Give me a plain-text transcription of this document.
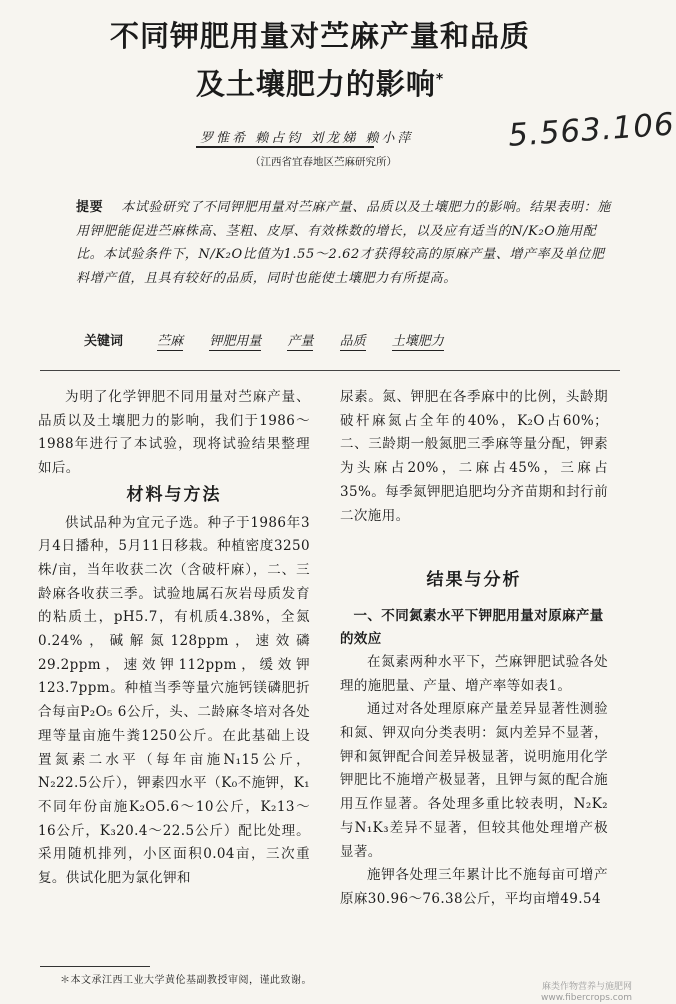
不同钾肥用量对苎麻产量和品质
及土壤肥力的影响*
罗惟希 赖占钧 刘龙娣 赖小萍
（江西省宜春地区苎麻研究所）
5.563.106
提要 本试验研究了不同钾肥用量对苎麻产量、品质以及土壤肥力的影响。结果表明：施用钾肥能促进苎麻株高、茎粗、皮厚、有效株数的增长，以及应有适当的N/K₂O施用配比。本试验条件下，N/K₂O比值为1.55～2.62才获得较高的原麻产量、增产率及单位肥料增产值，且具有较好的品质，同时也能使土壤肥力有所提高。
关键词	苎麻 钾肥用量 产量 品质 土壤肥力

为明了化学钾肥不同用量对苎麻产量、品质以及土壤肥力的影响，我们于1986～1988年进行了本试验，现将试验结果整理如后。

材料与方法

供试品种为宜元子选。种子于1986年3月4日播种，5月11日移栽。种植密度3250株/亩，当年收获二次（含破杆麻），二、三龄麻各收获三季。试验地属石灰岩母质发育的粘质土，pH5.7，有机质4.38%，全氮0.24%，碱解氮128ppm，速效磷29.2ppm，速效钾112ppm，缓效钾123.7ppm。种植当季等量穴施钙镁磷肥折合每亩P₂O₅ 6公斤，头、二龄麻冬培对各处理等量亩施牛粪1250公斤。在此基础上设置氮素二水平（每年亩施N₁15公斤，N₂22.5公斤），钾素四水平（K₀不施钾，K₁不同年份亩施K₂O5.6～10公斤，K₂13～16公斤，K₃20.4～22.5公斤）配比处理。采用随机排列，小区面积0.04亩，三次重复。供试化肥为氯化钾和

尿素。氮、钾肥在各季麻中的比例，头龄期破杆麻氮占全年的40%，K₂O占60%；二、三龄期一般氮肥三季麻等量分配，钾素为头麻占20%，二麻占45%，三麻占35%。每季氮钾肥追肥均分齐苗期和封行前二次施用。

结果与分析
一、不同氮素水平下钾肥用量对原麻产量的效应

在氮素两种水平下，苎麻钾肥试验各处理的施肥量、产量、增产率等如表1。

通过对各处理原麻产量差异显著性测验和氮、钾双向分类表明：氮内差异不显著，钾和氮钾配合间差异极显著，说明施用化学钾肥比不施增产极显著，且钾与氮的配合施用互作显著。各处理多重比较表明，N₂K₂与N₁K₃差异不显著，但较其他处理增产极显著。

施钾各处理三年累计比不施每亩可增产原麻30.96～76.38公斤，平均亩增49.54

＊本文承江西工业大学黄伦基副教授审阅，谨此致谢。
麻类作物营养与施肥网
www.fibercrops.com
